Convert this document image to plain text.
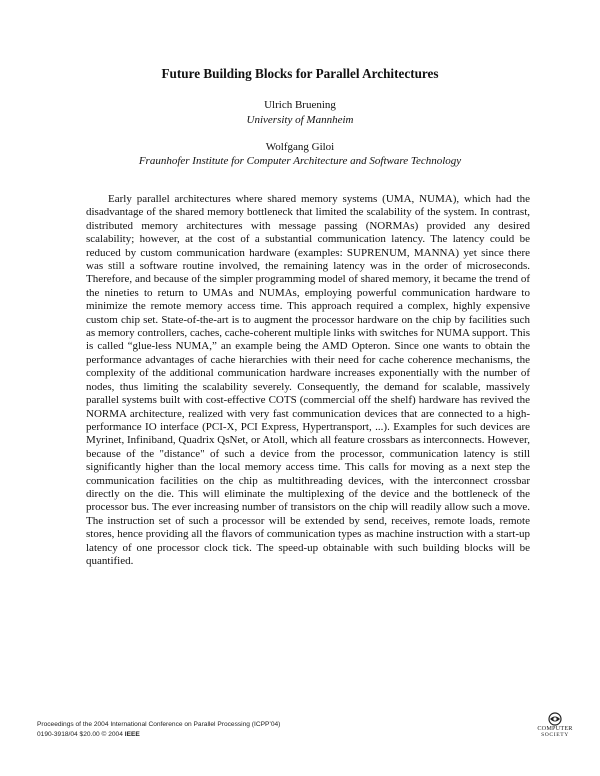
Future Building Blocks for Parallel Architectures
Ulrich Bruening
University of Mannheim
Wolfgang Giloi
Fraunhofer Institute for Computer Architecture and Software Technology

Early parallel architectures where shared memory systems (UMA, NUMA), which had the disadvantage of the shared memory bottleneck that limited the scalability of the system. In contrast, distributed memory architectures with message passing (NORMAs) provided any desired scalability; however, at the cost of a substantial communication latency. The latency could be reduced by custom communication hardware (examples: SUPRENUM, MANNA) yet since there was still a software routine involved, the remaining latency was in the order of microseconds. Therefore, and because of the simpler programming model of shared memory, it became the trend of the nineties to return to UMAs and NUMAs, employing powerful communication hardware to minimize the remote memory access time. This approach required a complex, highly expensive custom chip set. State-of-the-art is to augment the processor hardware on the chip by facilities such as memory controllers, caches, cache-coherent multiple links with switches for NUMA support. This is called “glue-less NUMA,” an example being the AMD Opteron. Since one wants to obtain the performance advantages of cache hierarchies with their need for cache coherence mechanisms, the complexity of the additional communication hardware increases exponentially with the number of nodes, thus limiting the scalability severely. Consequently, the demand for scalable, massively parallel systems built with cost-effective COTS (commercial off the shelf) hardware has revived the NORMA architecture, realized with very fast communication devices that are connected to a high-performance IO interface (PCI-X, PCI Express, Hypertransport, ...). Examples for such devices are Myrinet, Infiniband, Quadrix QsNet, or Atoll, which all feature crossbars as interconnects. However, because of the "distance" of such a device from the processor, communication latency is still significantly higher than the local memory access time. This calls for moving as a next step the communication facilities on the chip as multithreading devices, with the interconnect crossbar directly on the die. This will eliminate the multiplexing of the device and the bottleneck of the processor bus. The ever increasing number of transistors on the chip will readily allow such a move. The instruction set of such a processor will be extended by send, receives, remote loads, remote stores, hence providing all the flavors of communication types as machine instruction with a start-up latency of one processor clock tick. The speed-up obtainable with such building blocks will be quantified.

Proceedings of the 2004 International Conference on Parallel Processing (ICPP’04)
0190-3918/04 $20.00 © 2004 IEEE
COMPUTER
SOCIETY
